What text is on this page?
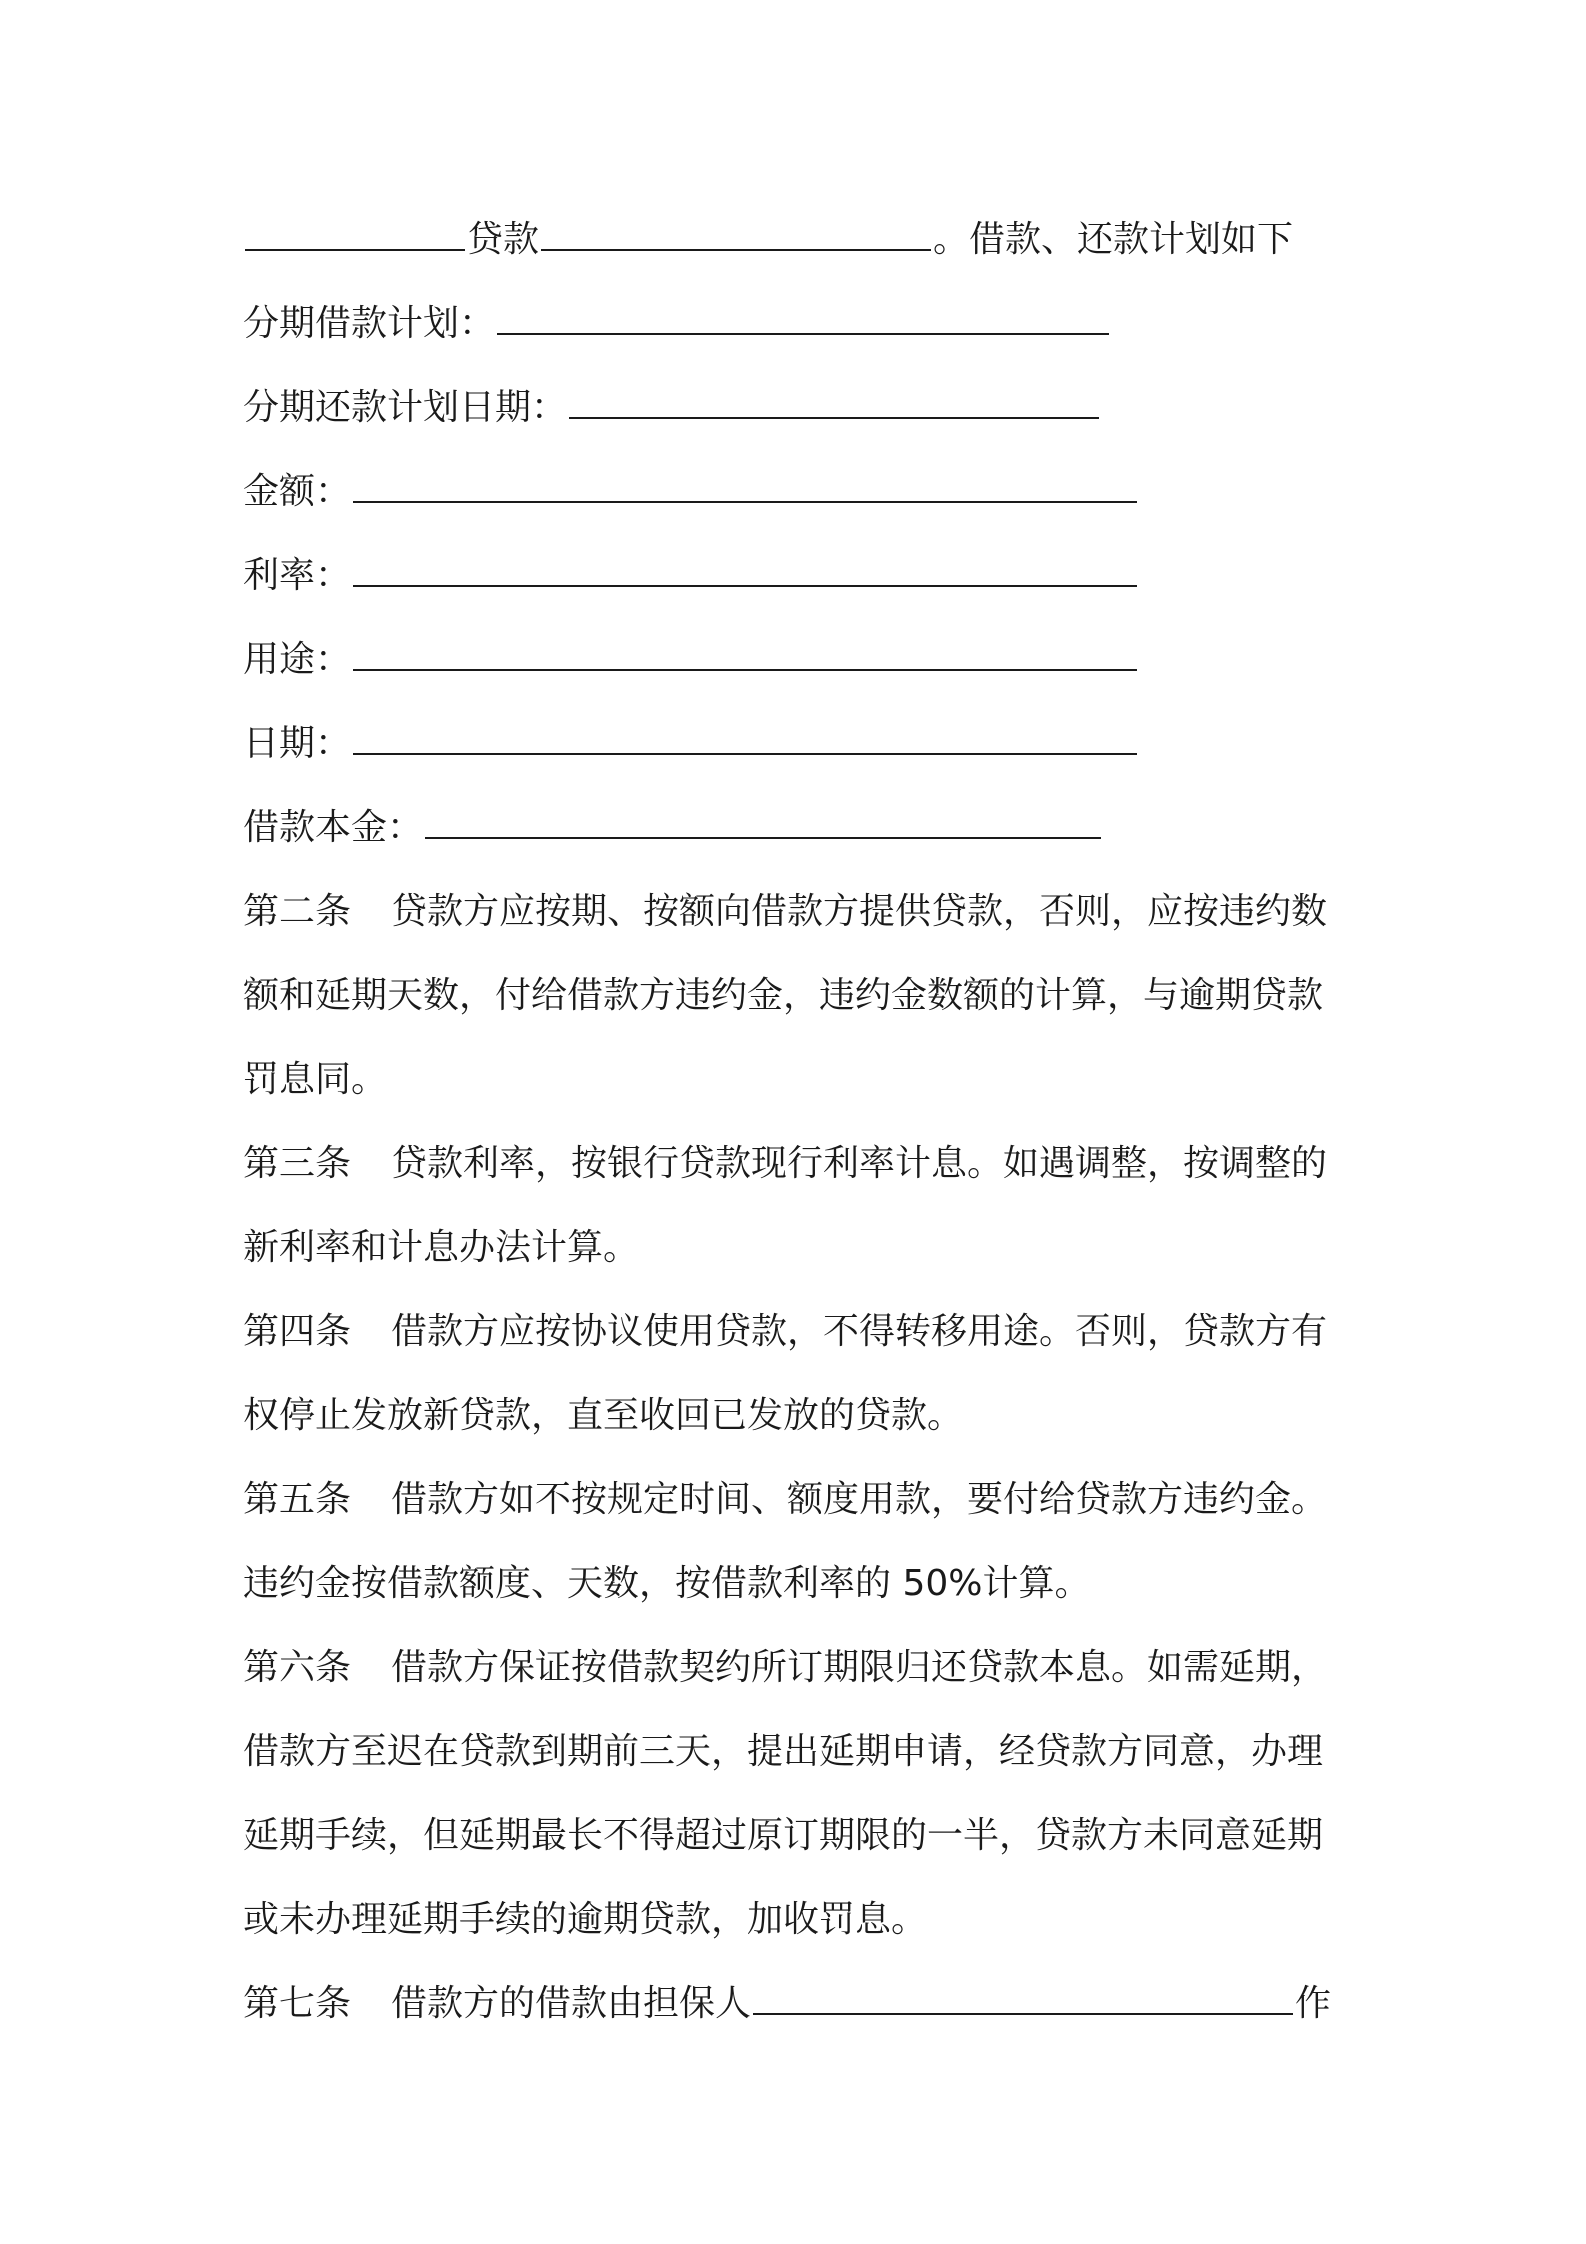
贷款	。借款、还款计划如下
分期借款计划：
分期还款计划日期：
金额：
利率：
用途：
日期：
借款本金：
第二条 贷款方应按期、按额向借款方提供贷款，否则，应按违约数
额和延期天数，付给借款方违约金，违约金数额的计算，与逾期贷款
罚息同。
第三条 贷款利率，按银行贷款现行利率计息。如遇调整，按调整的
新利率和计息办法计算。
第四条 借款方应按协议使用贷款，不得转移用途。否则，贷款方有
权停止发放新贷款，直至收回已发放的贷款。
第五条 借款方如不按规定时间、额度用款，要付给贷款方违约金。
违约金按借款额度、天数，按借款利率的 50%计算。
第六条 借款方保证按借款契约所订期限归还贷款本息。如需延期，
借款方至迟在贷款到期前三天，提出延期申请，经贷款方同意，办理
延期手续，但延期最长不得超过原订期限的一半，贷款方未同意延期
或未办理延期手续的逾期贷款，加收罚息。
第七条 借款方的借款由担保人	作
